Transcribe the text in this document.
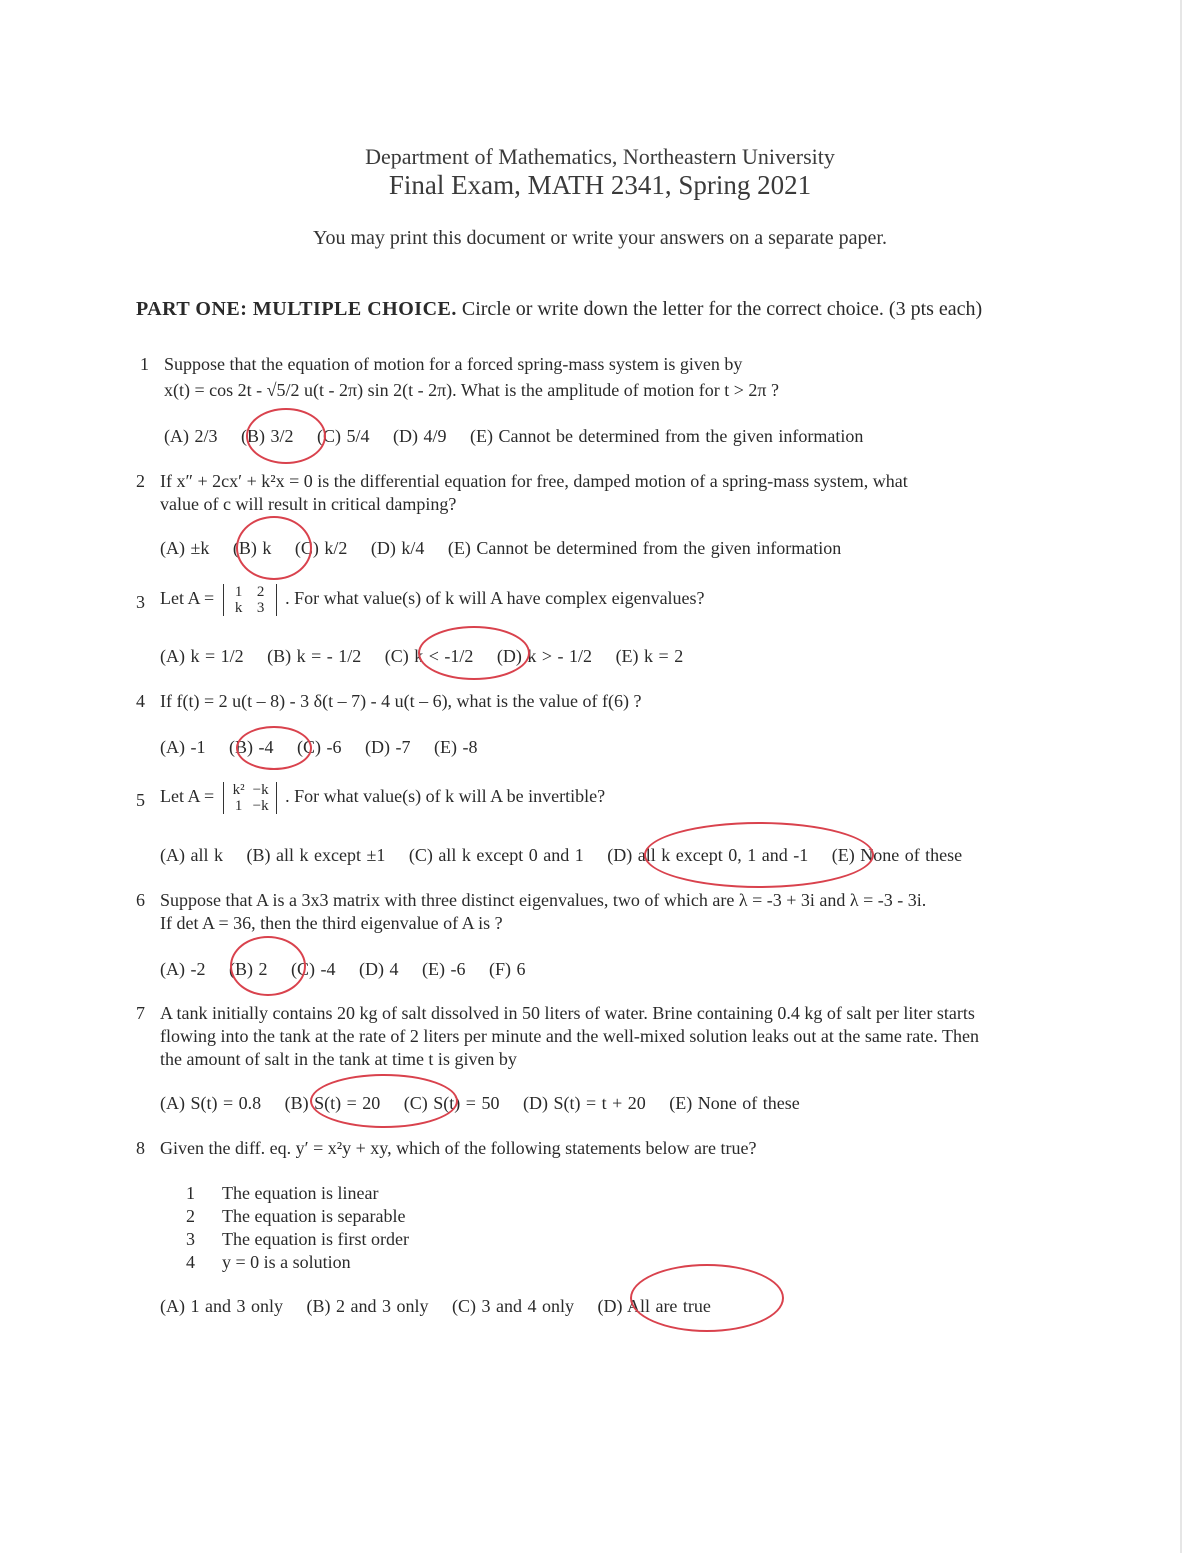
Department of Mathematics, Northeastern University
Final Exam, MATH 2341, Spring 2021
You may print this document or write your answers on a separate paper.
PART ONE: MULTIPLE CHOICE. Circle or write down the letter for the correct choice. (3 pts each)
1 Suppose that the equation of motion for a forced spring-mass system is given by
x(t) = cos 2t - √5/2 u(t - 2π) sin 2(t - 2π). What is the amplitude of motion for t > 2π ?
(A) 2/3 (B) 3/2 (C) 5/4 (D) 4/9 (E) Cannot be determined from the given information
2 If x″ + 2cx′ + k²x = 0 is the differential equation for free, damped motion of a spring-mass system, what
value of c will result in critical damping?
(A) ±k (B) k (C) k/2 (D) k/4 (E) Cannot be determined from the given information
3 Let A =	1 2
k 3	. For what value(s) of k will A have complex eigenvalues?
(A) k = 1/2 (B) k = - 1/2 (C) k < -1/2 (D) k > - 1/2 (E) k = 2
4 If f(t) = 2 u(t – 8) - 3 δ(t – 7) - 4 u(t – 6), what is the value of f(6) ?
(A) -1 (B) -4 (C) -6 (D) -7 (E) -8
5 Let A =	k² −k
1 −k . For what value(s) of k will A be invertible?
(A) all k (B) all k except ±1 (C) all k except 0 and 1 (D) all k except 0, 1 and -1 (E) None of these
6 Suppose that A is a 3x3 matrix with three distinct eigenvalues, two of which are λ = -3 + 3i and λ = -3 - 3i.
If det A = 36, then the third eigenvalue of A is ?
(A) -2 (B) 2 (C) -4 (D) 4 (E) -6 (F) 6
7 A tank initially contains 20 kg of salt dissolved in 50 liters of water. Brine containing 0.4 kg of salt per liter starts
flowing into the tank at the rate of 2 liters per minute and the well-mixed solution leaks out at the same rate. Then
the amount of salt in the tank at time t is given by
(A) S(t) = 0.8 (B) S(t) = 20 (C) S(t) = 50 (D) S(t) = t + 20 (E) None of these
8 Given the diff. eq. y′ = x²y + xy, which of the following statements below are true?
1 The equation is linear
2 The equation is separable
3 The equation is first order
4 y = 0 is a solution
(A) 1 and 3 only (B) 2 and 3 only (C) 3 and 4 only (D) All are true
